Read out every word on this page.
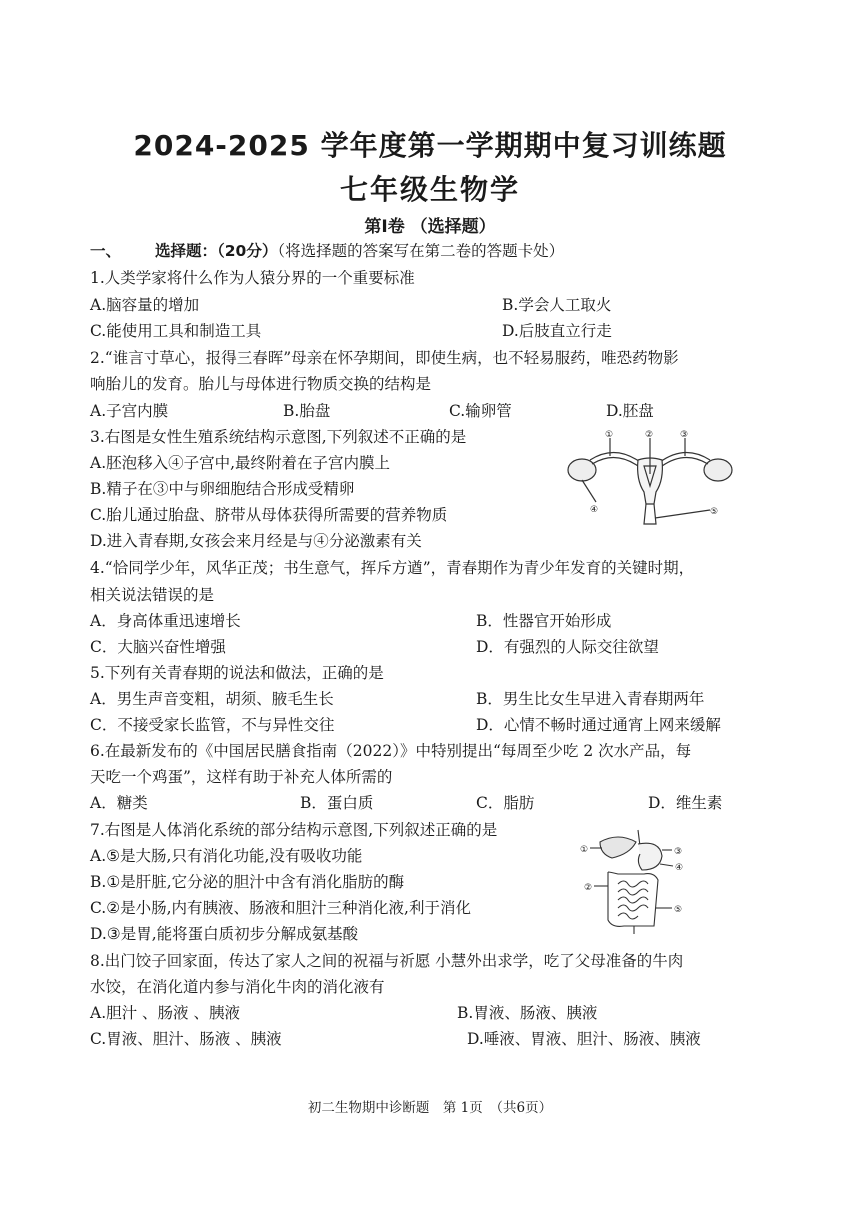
2024-2025 学年度第一学期期中复习训练题
七年级生物学
第Ⅰ卷 （选择题）
一、 选择题：（20分）（将选择题的答案写在第二卷的答题卡处）
1.人类学家将什么作为人猿分界的一个重要标准
A.脑容量的增加	B.学会人工取火
C.能使用工具和制造工具	D.后肢直立行走
2.“谁言寸草心，报得三春晖”母亲在怀孕期间，即使生病，也不轻易服药，唯恐药物影
响胎儿的发育。胎儿与母体进行物质交换的结构是
A.子宫内膜	B.胎盘	C.输卵管	D.胚盘
3.右图是女性生殖系统结构示意图,下列叙述不正确的是
A.胚泡移入④子宫中,最终附着在子宫内膜上
B.精子在③中与卵细胞结合形成受精卵
C.胎儿通过胎盘、脐带从母体获得所需要的营养物质
D.进入青春期,女孩会来月经是与④分泌激素有关
①	②	③
④	⑤
4.“恰同学少年，风华正茂；书生意气，挥斥方遒”，青春期作为青少年发育的关键时期，
相关说法错误的是
A．身高体重迅速增长	B．性器官开始形成
C．大脑兴奋性增强	D．有强烈的人际交往欲望
5.下列有关青春期的说法和做法，正确的是
A．男生声音变粗，胡须、腋毛生长	B．男生比女生早进入青春期两年
C．不接受家长监管，不与异性交往	D．心情不畅时通过通宵上网来缓解
6.在最新发布的《中国居民膳食指南（2022）》中特别提出“每周至少吃 2 次水产品，每
天吃一个鸡蛋”，这样有助于补充人体所需的
A．糖类	B．蛋白质	C．脂肪	D．维生素
7.右图是人体消化系统的部分结构示意图,下列叙述正确的是
A.⑤是大肠,只有消化功能,没有吸收功能
B.①是肝脏,它分泌的胆汁中含有消化脂肪的酶
C.②是小肠,内有胰液、肠液和胆汁三种消化液,利于消化
D.③是胃,能将蛋白质初步分解成氨基酸
①
②
③
④
⑤
8.出门饺子回家面，传达了家人之间的祝福与祈愿 小慧外出求学，吃了父母准备的牛肉
水饺，在消化道内参与消化牛肉的消化液有
A.胆汁 、肠液 、胰液	B.胃液、肠液、胰液
C.胃液、胆汁、肠液 、胰液	D.唾液、胃液、胆汁、肠液、胰液
初二生物期中诊断题　第 1页　（共6页）
